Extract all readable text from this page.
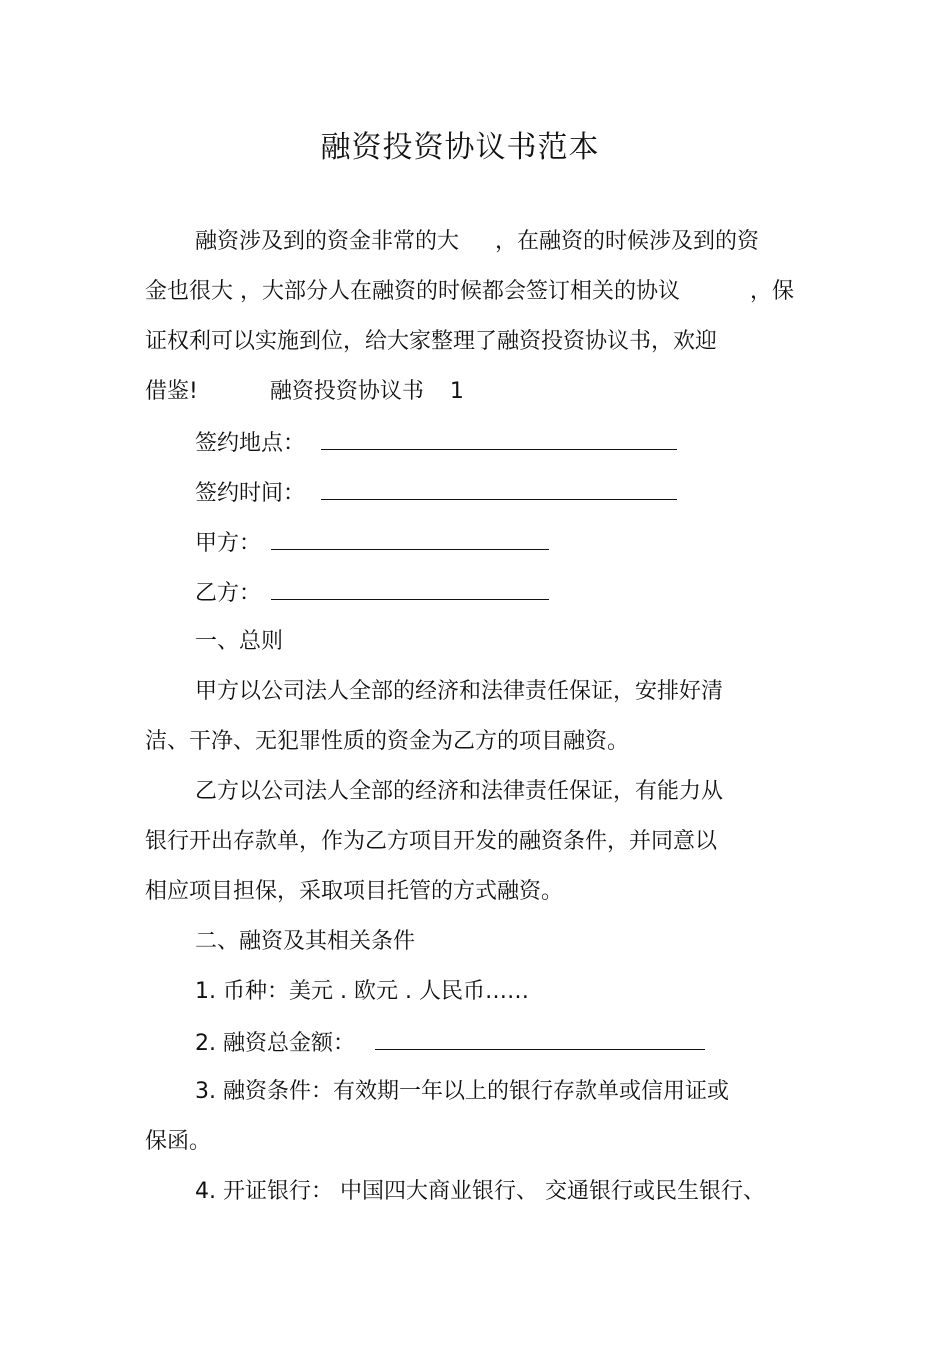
融资投资协议书范本
融资涉及到的资金非常的大 ，在融资的时候涉及到的资
金也很大 ，大部分人在融资的时候都会签订相关的协议	，保
证权利可以实施到位，给大家整理了融资投资协议书，欢迎
借鉴!	融资投资协议书 1
签约地点：
签约时间：
甲方：
乙方：
一、总则
甲方以公司法人全部的经济和法律责任保证，安排好清
洁、干净、无犯罪性质的资金为乙方的项目融资。
乙方以公司法人全部的经济和法律责任保证，有能力从
银行开出存款单，作为乙方项目开发的融资条件，并同意以
相应项目担保，采取项目托管的方式融资。
二、融资及其相关条件
1. 币种：美元 . 欧元 . 人民币……
2. 融资总金额：
3. 融资条件：有效期一年以上的银行存款单或信用证或
保函。
4. 开证银行： 中国四大商业银行、 交通银行或民生银行、
